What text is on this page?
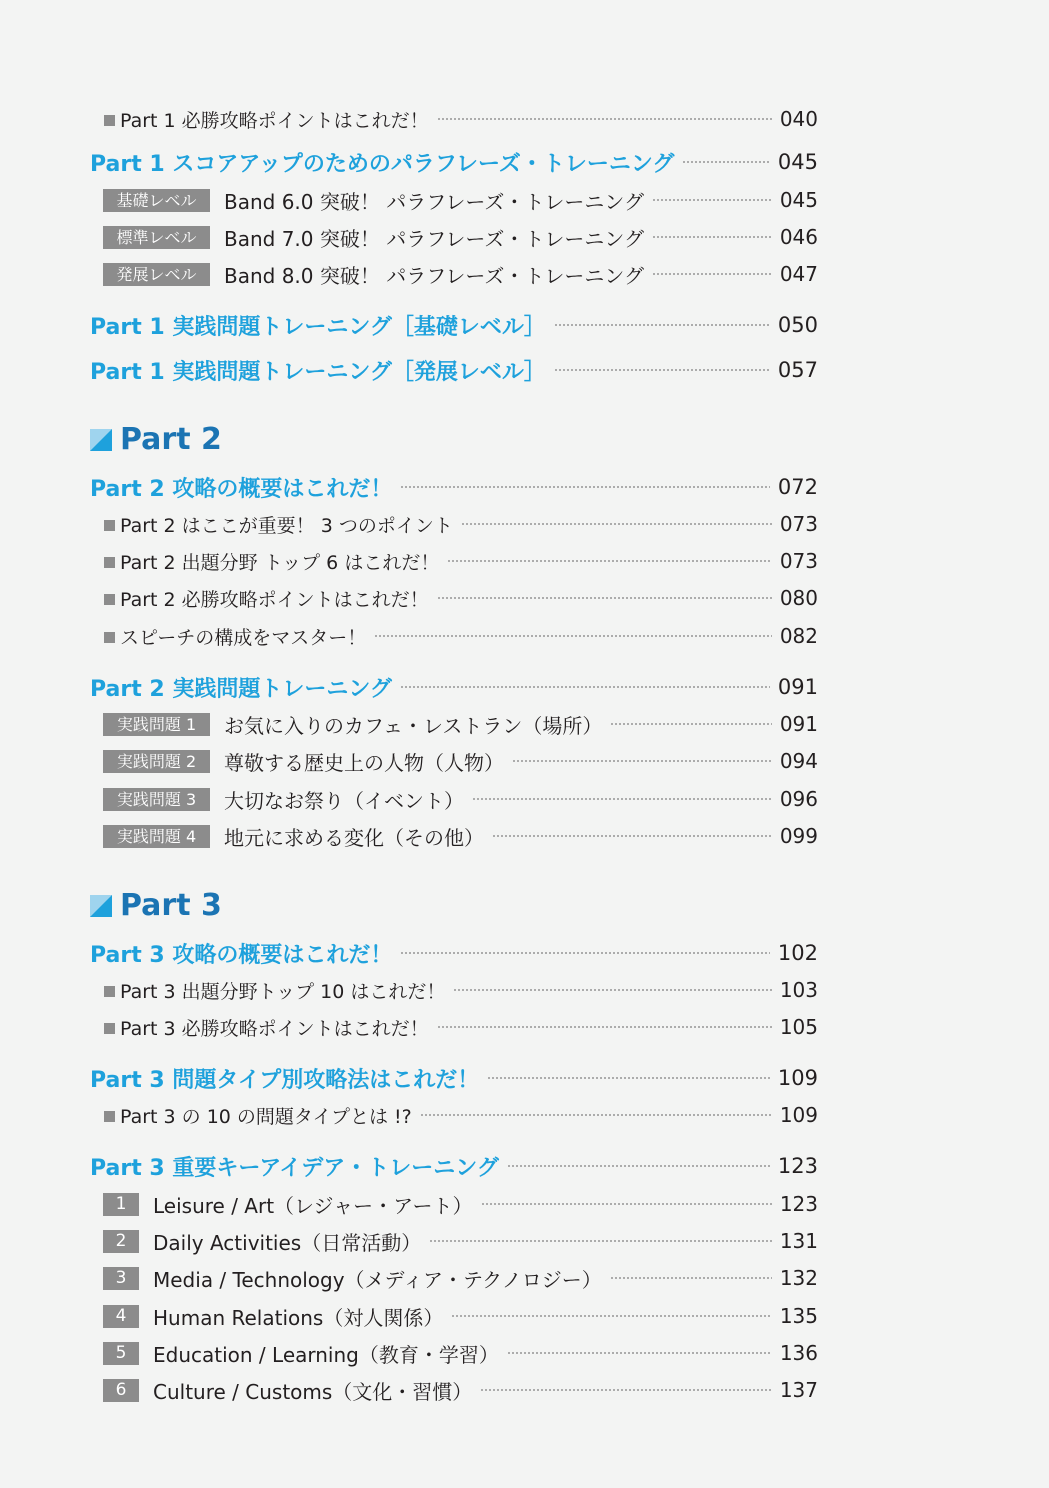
Part 2
Part 3
Part 1 必勝攻略ポイントはこれだ！	040
Part 1 スコアアップのためのパラフレーズ・トレーニング	045
基礎レベル Band 6.0 突破！ パラフレーズ・トレーニング	045
標準レベル Band 7.0 突破！ パラフレーズ・トレーニング	046
発展レベル Band 8.0 突破！ パラフレーズ・トレーニング	047
Part 1 実践問題トレーニング［基礎レベル］	050
Part 1 実践問題トレーニング［発展レベル］	057
Part 2 攻略の概要はこれだ！	072
Part 2 はここが重要！ 3 つのポイント	073
Part 2 出題分野 トップ 6 はこれだ！	073
Part 2 必勝攻略ポイントはこれだ！	080
スピーチの構成をマスター！	082
Part 2 実践問題トレーニング	091
実践問題 1 お気に入りのカフェ・レストラン（場所）	091
実践問題 2 尊敬する歴史上の人物（人物）	094
実践問題 3 大切なお祭り（イベント）	096
実践問題 4 地元に求める変化（その他）	099
Part 3 攻略の概要はこれだ！	102
Part 3 出題分野トップ 10 はこれだ！	103
Part 3 必勝攻略ポイントはこれだ！	105
Part 3 問題タイプ別攻略法はこれだ！	109
Part 3 の 10 の問題タイプとは !?	109
Part 3 重要キーアイデア・トレーニング	123
1 Leisure / Art（レジャー・アート）	123
2 Daily Activities（日常活動）	131
3 Media / Technology（メディア・テクノロジー）	132
4 Human Relations（対人関係）	135
5 Education / Learning（教育・学習）	136
6 Culture / Customs（文化・習慣）	137
